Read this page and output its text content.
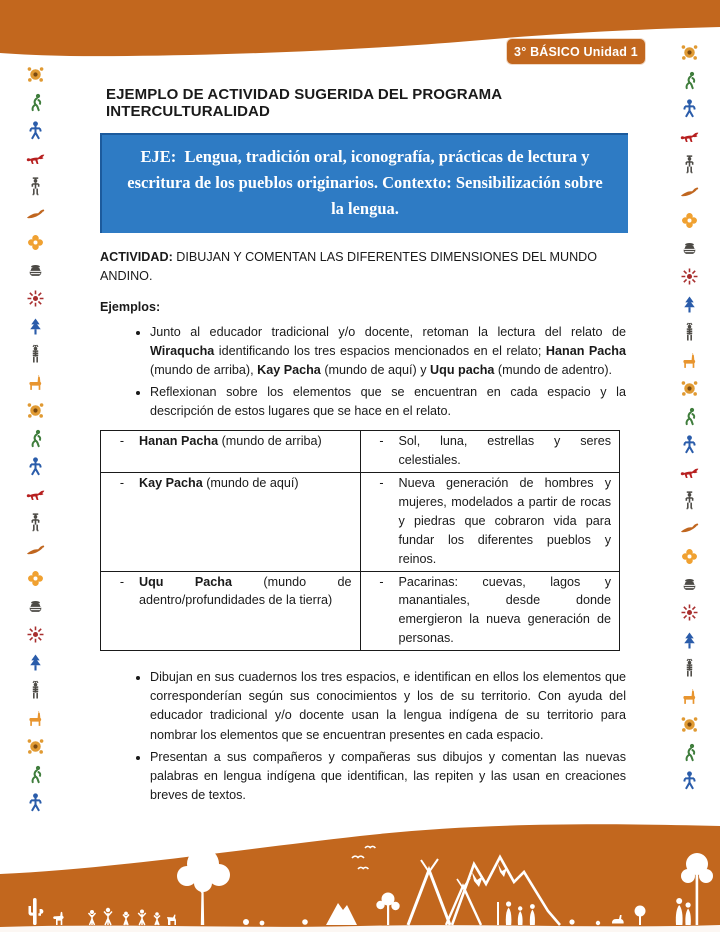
3° BÁSICO Unidad 1
EJEMPLO DE ACTIVIDAD SUGERIDA DEL PROGRAMA INTERCULTURALIDAD
EJE:  Lengua, tradición oral, iconografía, prácticas de lectura y escritura de los pueblos originarios. Contexto: Sensibilización sobre la lengua.

ACTIVIDAD: DIBUJAN Y COMENTAN LAS DIFERENTES DIMENSIONES DEL MUNDO ANDINO.

Ejemplos:

• Junto al educador tradicional y/o docente, retoman la lectura del relato de Wiraqucha identificando los tres espacios mencionados en el relato; Hanan Pacha (mundo de arriba), Kay Pacha (mundo de aquí) y Uqu pacha (mundo de adentro).
• Reflexionan sobre los elementos que se encuentran en cada espacio y la descripción de estos lugares que se hace en el relato.
- Hanan Pacha (mundo de arriba)	- Sol, luna, estrellas y seres celestiales.

- Kay Pacha (mundo de aquí)	- Nueva generación de hombres y mujeres, modelados a partir de rocas y piedras que cobraron vida para fundar los diferentes pueblos y reinos.

- Uqu Pacha (mundo de adentro/profundidades de la tierra)	- Pacarinas: cuevas, lagos y manantiales, desde donde emergieron la nueva generación de personas.
• Dibujan en sus cuadernos los tres espacios, e identifican en ellos los elementos que corresponderían según sus conocimientos y los de su territorio. Con ayuda del educador tradicional y/o docente usan la lengua indígena de su territorio para nombrar los elementos que se encuentran presentes en cada espacio.
• Presentan a sus compañeros y compañeras sus dibujos y comentan las nuevas palabras en lengua indígena que identifican, las repiten y las usan en creaciones breves de textos.
